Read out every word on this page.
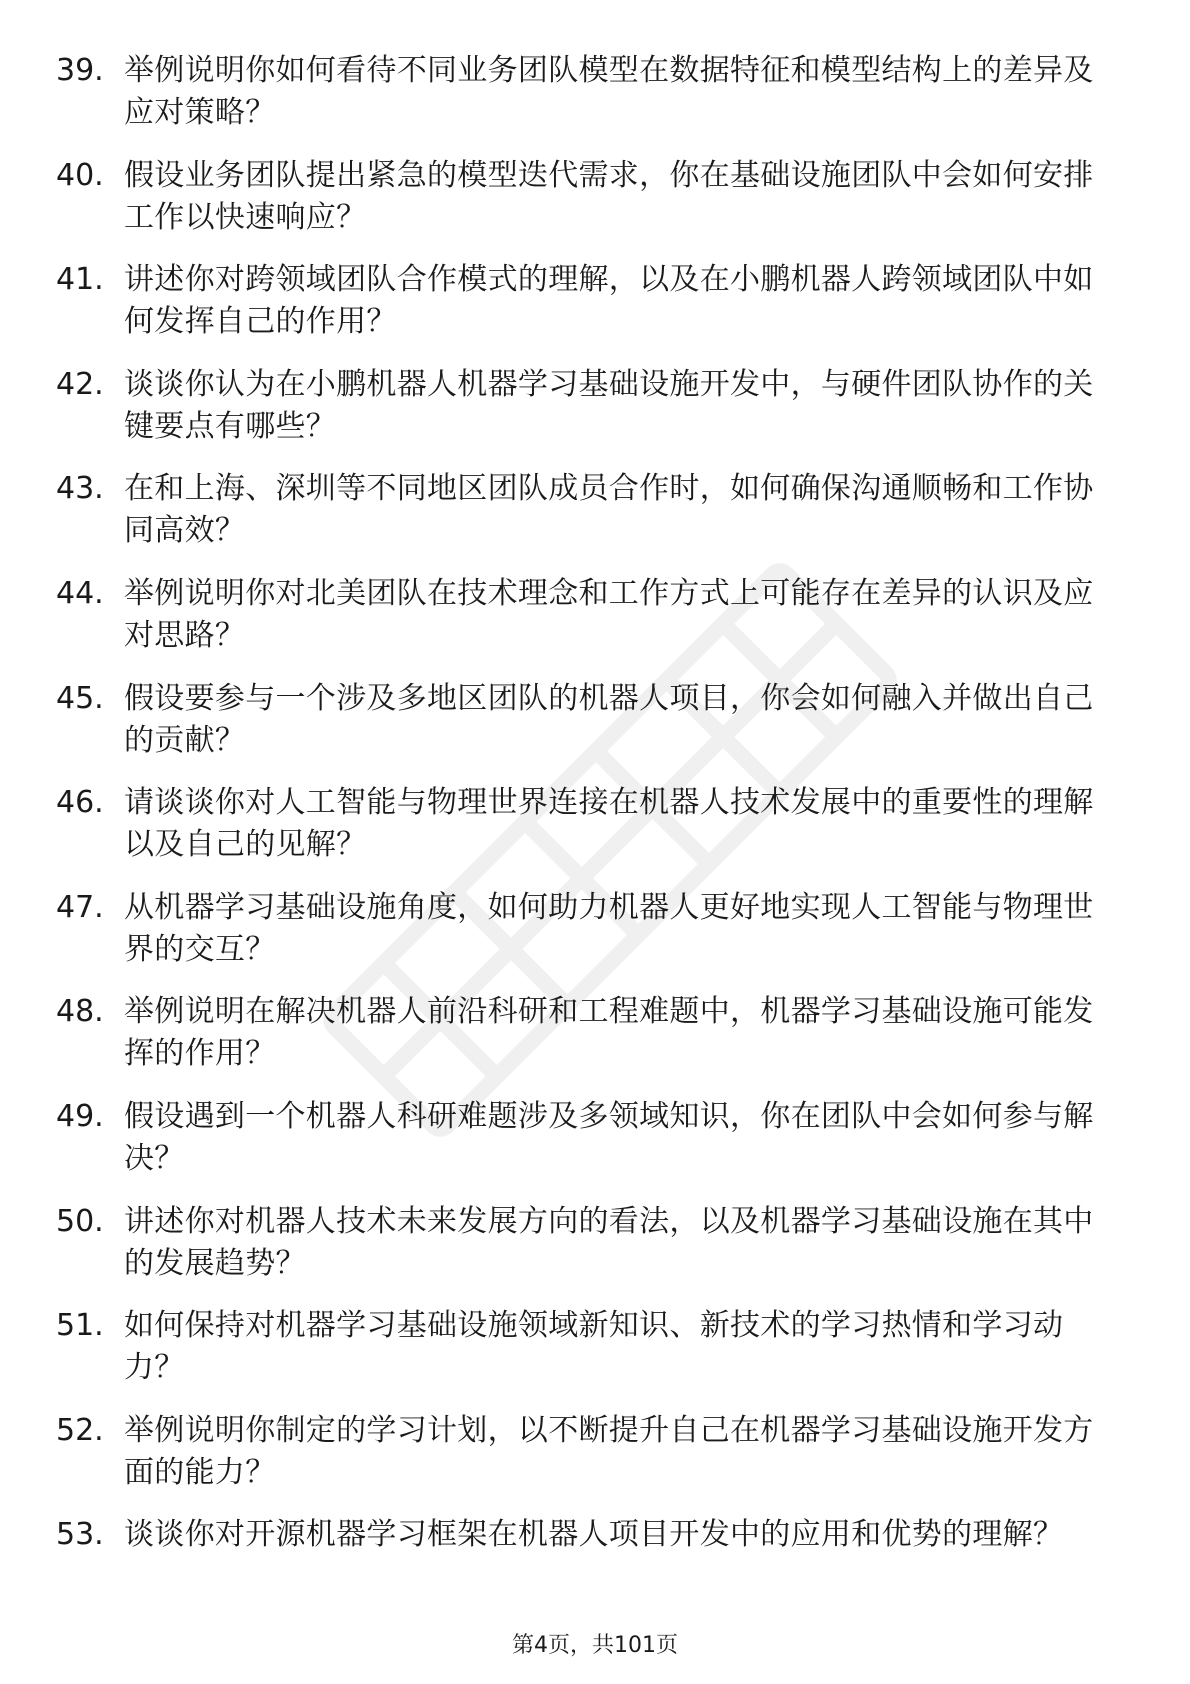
39. 举例说明你如何看待不同业务团队模型在数据特征和模型结构上的差异及应对策略？
40. 假设业务团队提出紧急的模型迭代需求，你在基础设施团队中会如何安排工作以快速响应？
41. 讲述你对跨领域团队合作模式的理解，以及在小鹏机器人跨领域团队中如何发挥自己的作用？
42. 谈谈你认为在小鹏机器人机器学习基础设施开发中，与硬件团队协作的关键要点有哪些？
43. 在和上海、深圳等不同地区团队成员合作时，如何确保沟通顺畅和工作协同高效？
44. 举例说明你对北美团队在技术理念和工作方式上可能存在差异的认识及应对思路？
45. 假设要参与一个涉及多地区团队的机器人项目，你会如何融入并做出自己的贡献？
46. 请谈谈你对人工智能与物理世界连接在机器人技术发展中的重要性的理解以及自己的见解？
47. 从机器学习基础设施角度，如何助力机器人更好地实现人工智能与物理世界的交互？
48. 举例说明在解决机器人前沿科研和工程难题中，机器学习基础设施可能发挥的作用？
49. 假设遇到一个机器人科研难题涉及多领域知识，你在团队中会如何参与解决？
50. 讲述你对机器人技术未来发展方向的看法，以及机器学习基础设施在其中的发展趋势？
51. 如何保持对机器学习基础设施领域新知识、新技术的学习热情和学习动力？
52. 举例说明你制定的学习计划，以不断提升自己在机器学习基础设施开发方面的能力？
53. 谈谈你对开源机器学习框架在机器人项目开发中的应用和优势的理解？
第4页，共101页
